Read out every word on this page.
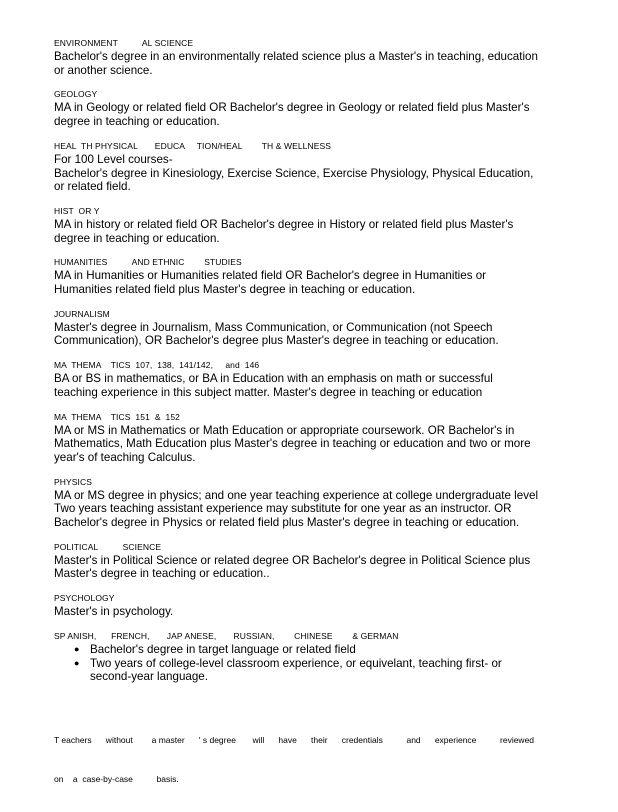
ENVIRONMENT          AL SCIENCE
Bachelor's degree in an environmentally related science plus a Master's in teaching, education
or another science.
GEOLOGY
MA in Geology or related field OR Bachelor's degree in Geology or related field plus Master's
degree in teaching or education.
HEAL  TH PHYSICAL       EDUCA     TION/HEAL        TH & WELLNESS
For 100 Level courses-
Bachelor's degree in Kinesiology, Exercise Science, Exercise Physiology, Physical Education,
or related field.
HIST  OR Y
MA in history or related field OR Bachelor's degree in History or related field plus Master's
degree in teaching or education.
HUMANITIES          AND ETHNIC        STUDIES
MA in Humanities or Humanities related field OR Bachelor's degree in Humanities or
Humanities related field plus Master's degree in teaching or education.
JOURNALISM
Master's degree in Journalism, Mass Communication, or Communication (not Speech
Communication), OR Bachelor's degree plus Master's degree in teaching or education.
MA  THEMA    TICS  107,  138,  141/142,     and  146
BA or BS in mathematics, or BA in Education with an emphasis on math or successful
teaching experience in this subject matter. Master's degree in teaching or education
MA  THEMA    TICS  151  &  152
MA or MS in Mathematics or Math Education or appropriate coursework. OR Bachelor's in
Mathematics, Math Education plus Master's degree in teaching or education and two or more
year's of teaching Calculus.
PHYSICS
MA or MS degree in physics; and one year teaching experience at college undergraduate level
Two years teaching assistant experience may substitute for one year as an instructor. OR
Bachelor's degree in Physics or related field plus Master's degree in teaching or education.
POLITICAL          SCIENCE
Master's in Political Science or related degree OR Bachelor's degree in Political Science plus
Master's degree in teaching or education..
PSYCHOLOGY
Master's in psychology.
SP ANISH,      FRENCH,       JAP ANESE,       RUSSIAN,        CHINESE        & GERMAN
● Bachelor's degree in target language or related field
● Two years of college-level classroom experience, or equivelant, teaching first- or
second-year language.

T eachers      without        a master      ' s degree       will      have      their      credentials          and      experience          reviewed

on    a  case-by-case          basis.
